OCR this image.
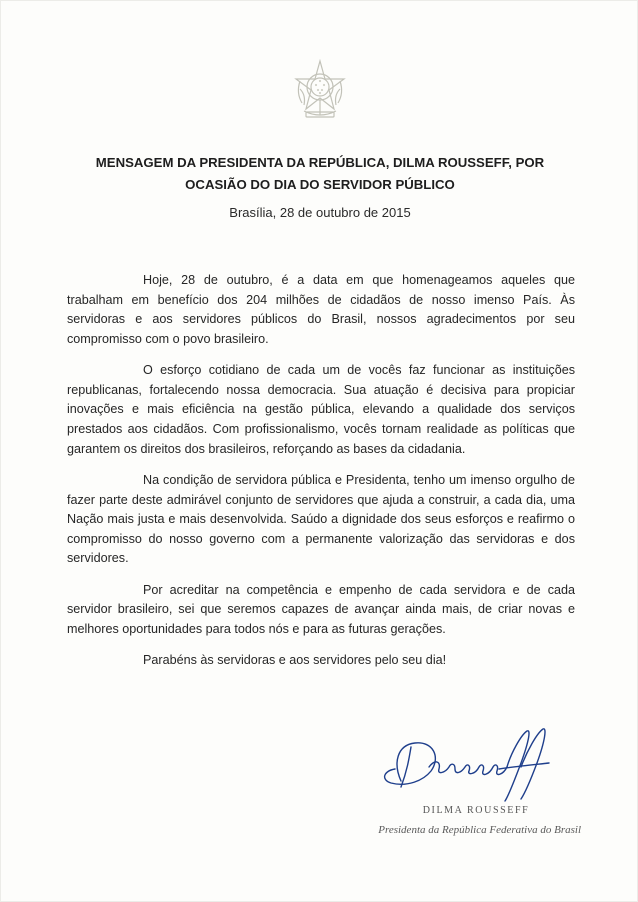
MENSAGEM DA PRESIDENTA DA REPÚBLICA, DILMA ROUSSEFF, POR
OCASIÃO DO DIA DO SERVIDOR PÚBLICO
Brasília, 28 de outubro de 2015

Hoje, 28 de outubro, é a data em que homenageamos aqueles que trabalham em benefício dos 204 milhões de cidadãos de nosso imenso País. Às servidoras e aos servidores públicos do Brasil, nossos agradecimentos por seu compromisso com o povo brasileiro.

O esforço cotidiano de cada um de vocês faz funcionar as instituições republicanas, fortalecendo nossa democracia. Sua atuação é decisiva para propiciar inovações e mais eficiência na gestão pública, elevando a qualidade dos serviços prestados aos cidadãos. Com profissionalismo, vocês tornam realidade as políticas que garantem os direitos dos brasileiros, reforçando as bases da cidadania.

Na condição de servidora pública e Presidenta, tenho um imenso orgulho de fazer parte deste admirável conjunto de servidores que ajuda a construir, a cada dia, uma Nação mais justa e mais desenvolvida. Saúdo a dignidade dos seus esforços e reafirmo o compromisso do nosso governo com a permanente valorização das servidoras e dos servidores.

Por acreditar na competência e empenho de cada servidora e de cada servidor brasileiro, sei que seremos capazes de avançar ainda mais, de criar novas e melhores oportunidades para todos nós e para as futuras gerações.

Parabéns às servidoras e aos servidores pelo seu dia!

DILMA ROUSSEFF
Presidenta da República Federativa do Brasil
